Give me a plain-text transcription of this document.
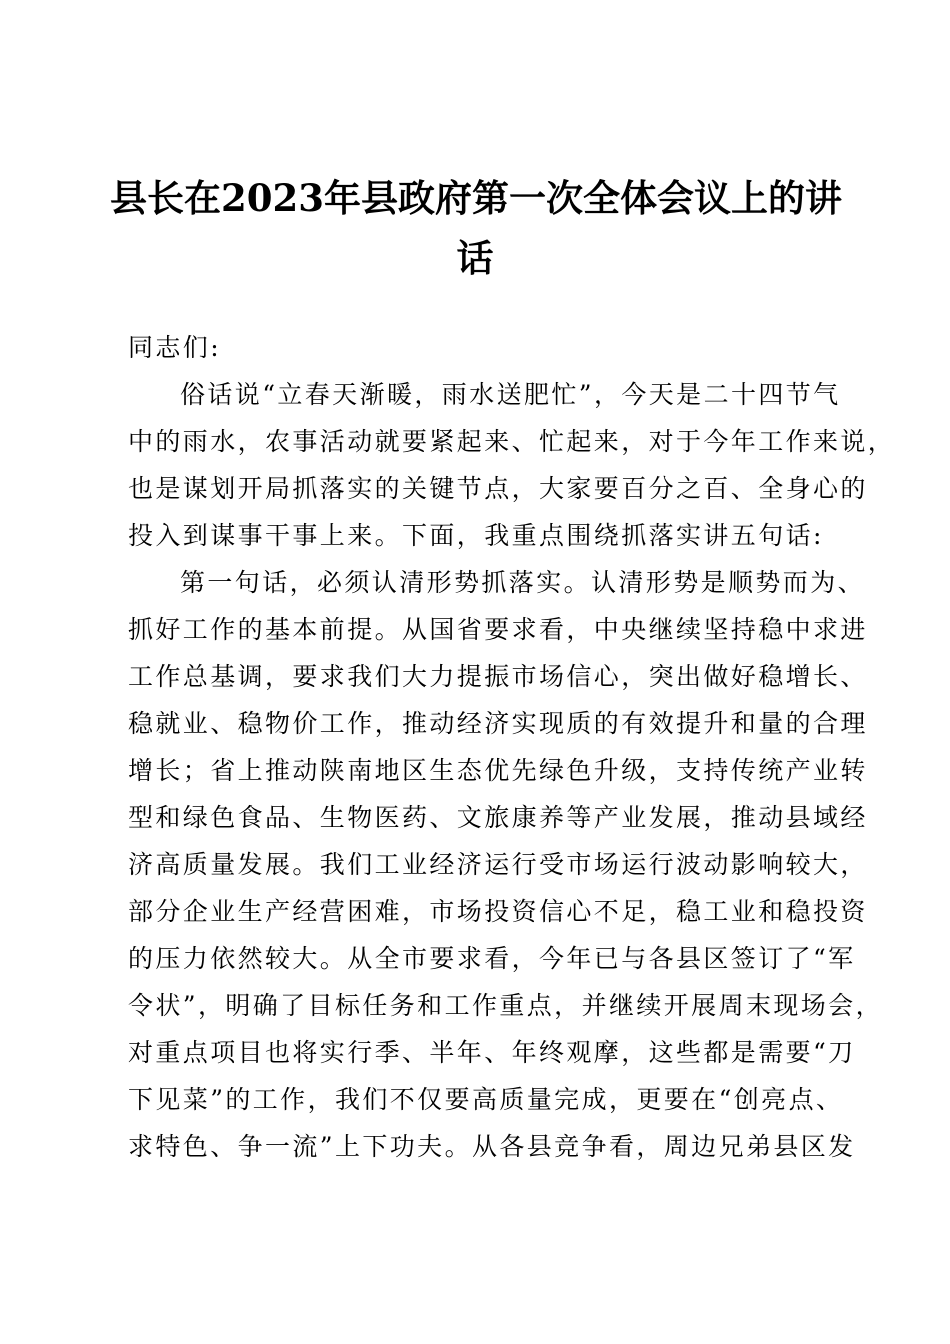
县长在2023年县政府第一次全体会议上的讲
话
同志们:
俗话说“立春天渐暖，雨水送肥忙”，今天是二十四节气
中的雨水，农事活动就要紧起来、忙起来，对于今年工作来说，
也是谋划开局抓落实的关键节点，大家要百分之百、全身心的
投入到谋事干事上来。下面，我重点围绕抓落实讲五句话:
第一句话，必须认清形势抓落实。认清形势是顺势而为、
抓好工作的基本前提。从国省要求看，中央继续坚持稳中求进
工作总基调，要求我们大力提振市场信心，突出做好稳增长、
稳就业、稳物价工作，推动经济实现质的有效提升和量的合理
增长；省上推动陕南地区生态优先绿色升级，支持传统产业转
型和绿色食品、生物医药、文旅康养等产业发展，推动县域经
济高质量发展。我们工业经济运行受市场运行波动影响较大，
部分企业生产经营困难，市场投资信心不足，稳工业和稳投资
的压力依然较大。从全市要求看，今年已与各县区签订了“军
令状”，明确了目标任务和工作重点，并继续开展周末现场会，
对重点项目也将实行季、半年、年终观摩，这些都是需要“刀
下见菜”的工作，我们不仅要高质量完成，更要在“创亮点、
求特色、争一流”上下功夫。从各县竞争看，周边兄弟县区发
